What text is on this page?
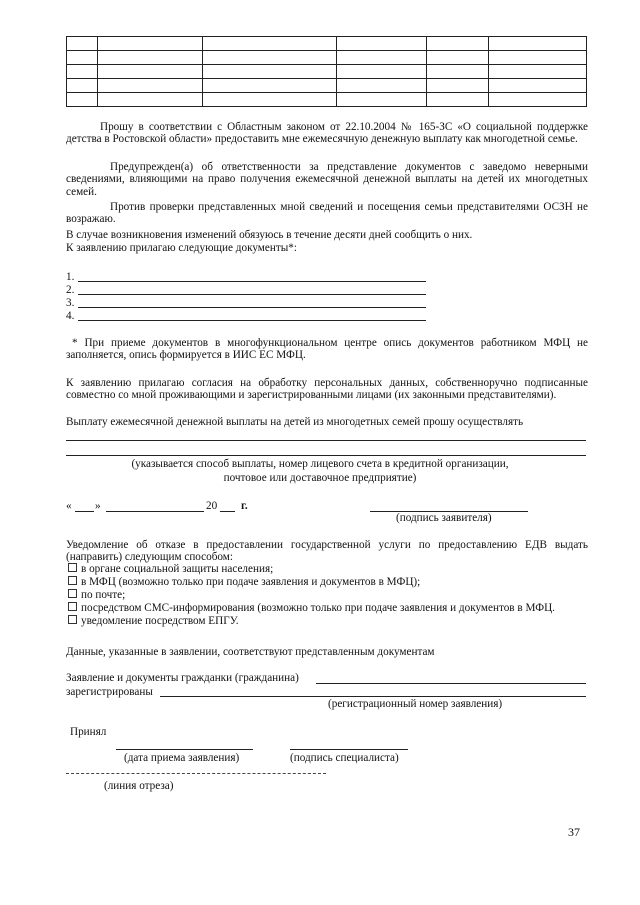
Прошу в соответствии с Областным законом от 22.10.2004 № 165-ЗС «О социальной поддержке детства в Ростовской области» предоставить мне ежемесячную денежную выплату как многодетной семье.
Предупрежден(а) об ответственности за представление документов с заведомо неверными сведениями, влияющими на право получения ежемесячной денежной выплаты на детей их многодетных семей.
Против проверки представленных мной сведений и посещения семьи представителями ОСЗН не возражаю.
В случае возникновения изменений обязуюсь в течение десяти дней сообщить о них.
К заявлению прилагаю следующие документы*:
1.
2.
3.
4.
* При приеме документов в многофункциональном центре опись документов работником МФЦ не заполняется, опись формируется в ИИС ЕС МФЦ.
К заявлению прилагаю согласия на обработку персональных данных, собственноручно подписанные совместно со мной проживающими и зарегистрированными лицами (их законными представителями).
Выплату ежемесячной денежной выплаты на детей из многодетных семей прошу осуществлять
(указывается способ выплаты, номер лицевого счета в кредитной организации,
почтовое или доставочное предприятие)
« »	20 г.
(подпись заявителя)
Уведомление об отказе в предоставлении государственной услуги по предоставлению ЕДВ выдать (направить) следующим способом:
в органе социальной защиты населения;
в МФЦ (возможно только при подаче заявления и документов в МФЦ);
по почте;
посредством СМС-информирования (возможно только при подаче заявления и документов в МФЦ.
уведомление посредством ЕПГУ.
Данные, указанные в заявлении, соответствуют представленным документам
Заявление и документы гражданки (гражданина)
зарегистрированы
(регистрационный номер заявления)
Принял
(дата приема заявления)	(подпись специалиста)
(линия отреза)
37
